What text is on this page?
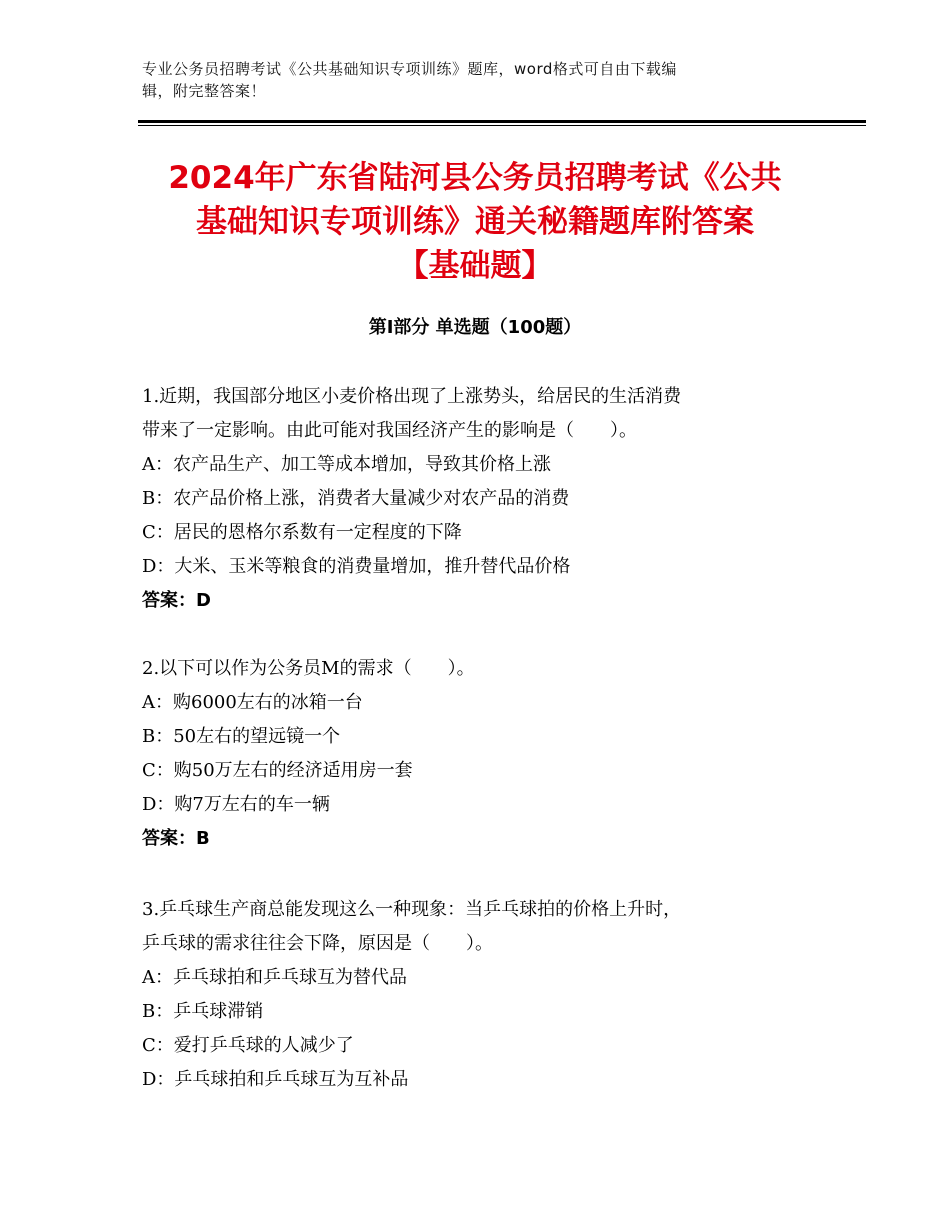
专业公务员招聘考试《公共基础知识专项训练》题库，word格式可自由下载编
辑，附完整答案！
2024年广东省陆河县公务员招聘考试《公共
基础知识专项训练》通关秘籍题库附答案
【基础题】
第Ⅰ部分 单选题（100题）

1.近期，我国部分地区小麦价格出现了上涨势头，给居民的生活消费

带来了一定影响。由此可能对我国经济产生的影响是（　　）。

A：农产品生产、加工等成本增加，导致其价格上涨

B：农产品价格上涨，消费者大量减少对农产品的消费

C：居民的恩格尔系数有一定程度的下降

D：大米、玉米等粮食的消费量增加，推升替代品价格

答案：D

2.以下可以作为公务员M的需求（　　）。

A：购6000左右的冰箱一台

B：50左右的望远镜一个

C：购50万左右的经济适用房一套

D：购7万左右的车一辆

答案：B

3.乒乓球生产商总能发现这么一种现象：当乒乓球拍的价格上升时，

乒乓球的需求往往会下降，原因是（　　）。

A：乒乓球拍和乒乓球互为替代品

B：乒乓球滞销

C：爱打乒乓球的人减少了

D：乒乓球拍和乒乓球互为互补品
